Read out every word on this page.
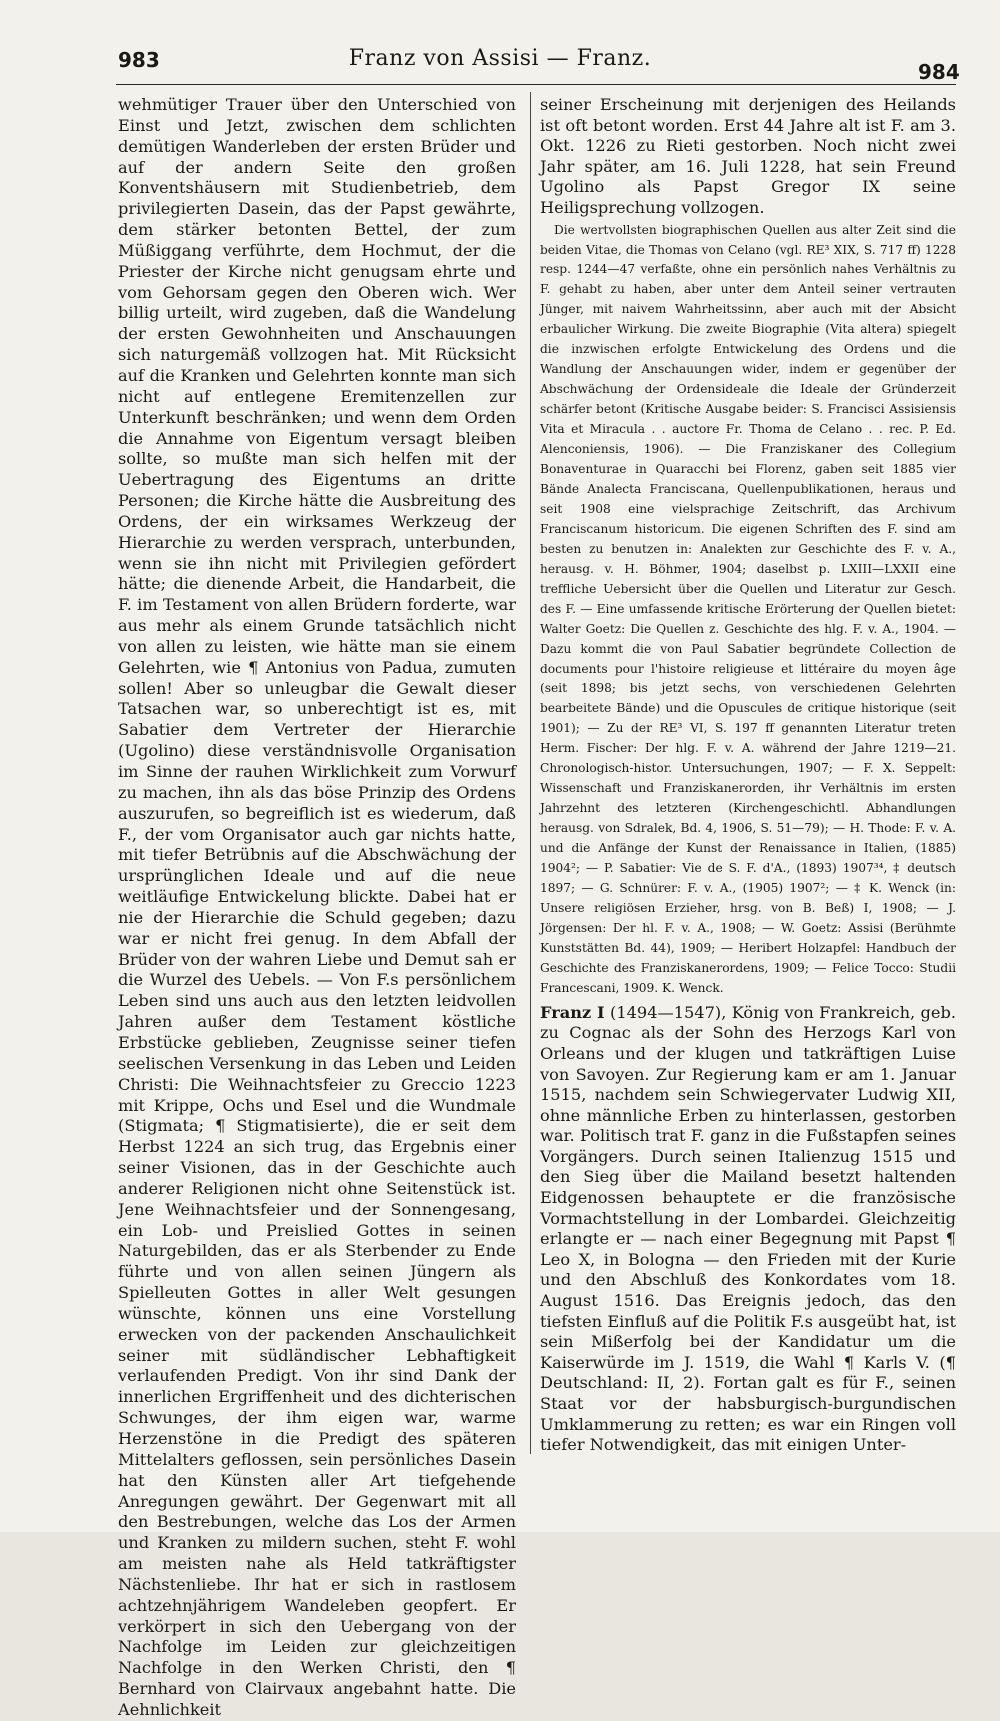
983	Franz von Assisi — Franz.
984

wehmütiger Trauer über den Unterschied von Einst und Jetzt, zwischen dem schlichten demütigen Wanderleben der ersten Brüder und auf der andern Seite den großen Konventshäusern mit Studienbetrieb, dem privilegierten Dasein, das der Papst gewährte, dem stärker betonten Bettel, der zum Müßiggang verführte, dem Hochmut, der die Priester der Kirche nicht genugsam ehrte und vom Gehorsam gegen den Oberen wich. Wer billig urteilt, wird zugeben, daß die Wandelung der ersten Gewohnheiten und Anschauungen sich naturgemäß vollzogen hat. Mit Rücksicht auf die Kranken und Gelehrten konnte man sich nicht auf entlegene Eremitenzellen zur Unterkunft beschränken; und wenn dem Orden die Annahme von Eigentum versagt bleiben sollte, so mußte man sich helfen mit der Uebertragung des Eigentums an dritte Personen; die Kirche hätte die Ausbreitung des Ordens, der ein wirksames Werkzeug der Hierarchie zu werden versprach, unterbunden, wenn sie ihn nicht mit Privilegien gefördert hätte; die dienende Arbeit, die Handarbeit, die F. im Testament von allen Brüdern forderte, war aus mehr als einem Grunde tatsächlich nicht von allen zu leisten, wie hätte man sie einem Gelehrten, wie ¶ Antonius von Padua, zumuten sollen! Aber so unleugbar die Gewalt dieser Tatsachen war, so unberechtigt ist es, mit Sabatier dem Vertreter der Hierarchie (Ugolino) diese verständnisvolle Organisation im Sinne der rauhen Wirklichkeit zum Vorwurf zu machen, ihn als das böse Prinzip des Ordens auszurufen, so begreiflich ist es wiederum, daß F., der vom Organisator auch gar nichts hatte, mit tiefer Betrübnis auf die Abschwächung der ursprünglichen Ideale und auf die neue weitläufige Entwickelung blickte. Dabei hat er nie der Hierarchie die Schuld gegeben; dazu war er nicht frei genug. In dem Abfall der Brüder von der wahren Liebe und Demut sah er die Wurzel des Uebels. — Von F.s persönlichem Leben sind uns auch aus den letzten leidvollen Jahren außer dem Testament köstliche Erbstücke geblieben, Zeugnisse seiner tiefen seelischen Versenkung in das Leben und Leiden Christi: Die Weihnachtsfeier zu Greccio 1223 mit Krippe, Ochs und Esel und die Wundmale (Stigmata; ¶ Stigmatisierte), die er seit dem Herbst 1224 an sich trug, das Ergebnis einer seiner Visionen, das in der Geschichte auch anderer Religionen nicht ohne Seitenstück ist. Jene Weihnachtsfeier und der Sonnengesang, ein Lob- und Preislied Gottes in seinen Naturgebilden, das er als Sterbender zu Ende führte und von allen seinen Jüngern als Spielleuten Gottes in aller Welt gesungen wünschte, können uns eine Vorstellung erwecken von der packenden Anschaulichkeit seiner mit südländischer Lebhaftigkeit verlaufenden Predigt. Von ihr sind Dank der innerlichen Ergriffenheit und des dichterischen Schwunges, der ihm eigen war, warme Herzenstöne in die Predigt des späteren Mittelalters geflossen, sein persönliches Dasein hat den Künsten aller Art tiefgehende Anregungen gewährt. Der Gegenwart mit all den Bestrebungen, welche das Los der Armen und Kranken zu mildern suchen, steht F. wohl am meisten nahe als Held tatkräftigster Nächstenliebe. Ihr hat er sich in rastlosem achtzehnjährigem Wandeleben geopfert. Er verkörpert in sich den Uebergang von der Nachfolge im Leiden zur gleichzeitigen Nachfolge in den Werken Christi, den ¶ Bernhard von Clairvaux angebahnt hatte. Die Aehnlichkeit

seiner Erscheinung mit derjenigen des Heilands ist oft betont worden. Erst 44 Jahre alt ist F. am 3. Okt. 1226 zu Rieti gestorben. Noch nicht zwei Jahr später, am 16. Juli 1228, hat sein Freund Ugolino als Papst Gregor IX seine Heiligsprechung vollzogen.

Die wertvollsten biographischen Quellen aus alter Zeit sind die beiden Vitae, die Thomas von Celano (vgl. RE³ XIX, S. 717 ff) 1228 resp. 1244—47 verfaßte, ohne ein persönlich nahes Verhältnis zu F. gehabt zu haben, aber unter dem Anteil seiner vertrauten Jünger, mit naivem Wahrheitssinn, aber auch mit der Absicht erbaulicher Wirkung. Die zweite Biographie (Vita altera) spiegelt die inzwischen erfolgte Entwickelung des Ordens und die Wandlung der Anschauungen wider, indem er gegenüber der Abschwächung der Ordensideale die Ideale der Gründerzeit schärfer betont (Kritische Ausgabe beider: S. Francisci Assisiensis Vita et Miracula . . auctore Fr. Thoma de Celano . . rec. P. Ed. Alenconiensis, 1906). — Die Franziskaner des Collegium Bonaventurae in Quaracchi bei Florenz, gaben seit 1885 vier Bände Analecta Franciscana, Quellenpublikationen, heraus und seit 1908 eine vielsprachige Zeitschrift, das Archivum Franciscanum historicum. Die eigenen Schriften des F. sind am besten zu benutzen in: Analekten zur Geschichte des F. v. A., herausg. v. H. Böhmer, 1904; daselbst p. LXIII—LXXII eine treffliche Uebersicht über die Quellen und Literatur zur Gesch. des F. — Eine umfassende kritische Erörterung der Quellen bietet: Walter Goetz: Die Quellen z. Geschichte des hlg. F. v. A., 1904. — Dazu kommt die von Paul Sabatier begründete Collection de documents pour l'histoire religieuse et littéraire du moyen âge (seit 1898; bis jetzt sechs, von verschiedenen Gelehrten bearbeitete Bände) und die Opuscules de critique historique (seit 1901); — Zu der RE³ VI, S. 197 ff genannten Literatur treten Herm. Fischer: Der hlg. F. v. A. während der Jahre 1219—21. Chronologisch-histor. Untersuchungen, 1907; — F. X. Seppelt: Wissenschaft und Franziskanerorden, ihr Verhältnis im ersten Jahrzehnt des letzteren (Kirchengeschichtl. Abhandlungen herausg. von Sdralek, Bd. 4, 1906, S. 51—79); — H. Thode: F. v. A. und die Anfänge der Kunst der Renaissance in Italien, (1885) 1904²; — P. Sabatier: Vie de S. F. d'A., (1893) 1907³⁴, ‡ deutsch 1897; — G. Schnürer: F. v. A., (1905) 1907²; — ‡ K. Wenck (in: Unsere religiösen Erzieher, hrsg. von B. Beß) I, 1908; — J. Jörgensen: Der hl. F. v. A., 1908; — W. Goetz: Assisi (Berühmte Kunststätten Bd. 44), 1909; — Heribert Holzapfel: Handbuch der Geschichte des Franziskanerordens, 1909; — Felice Tocco: Studii Francescani, 1909. K. Wenck.

Franz I (1494—1547), König von Frankreich, geb. zu Cognac als der Sohn des Herzogs Karl von Orleans und der klugen und tatkräftigen Luise von Savoyen. Zur Regierung kam er am 1. Januar 1515, nachdem sein Schwiegervater Ludwig XII, ohne männliche Erben zu hinterlassen, gestorben war. Politisch trat F. ganz in die Fußstapfen seines Vorgängers. Durch seinen Italienzug 1515 und den Sieg über die Mailand besetzt haltenden Eidgenossen behauptete er die französische Vormachtstellung in der Lombardei. Gleichzeitig erlangte er — nach einer Begegnung mit Papst ¶ Leo X, in Bologna — den Frieden mit der Kurie und den Abschluß des Konkordates vom 18. August 1516. Das Ereignis jedoch, das den tiefsten Einfluß auf die Politik F.s ausgeübt hat, ist sein Mißerfolg bei der Kandidatur um die Kaiserwürde im J. 1519, die Wahl ¶ Karls V. (¶ Deutschland: II, 2). Fortan galt es für F., seinen Staat vor der habsburgisch-burgundischen Umklammerung zu retten; es war ein Ringen voll tiefer Notwendigkeit, das mit einigen Unter-
